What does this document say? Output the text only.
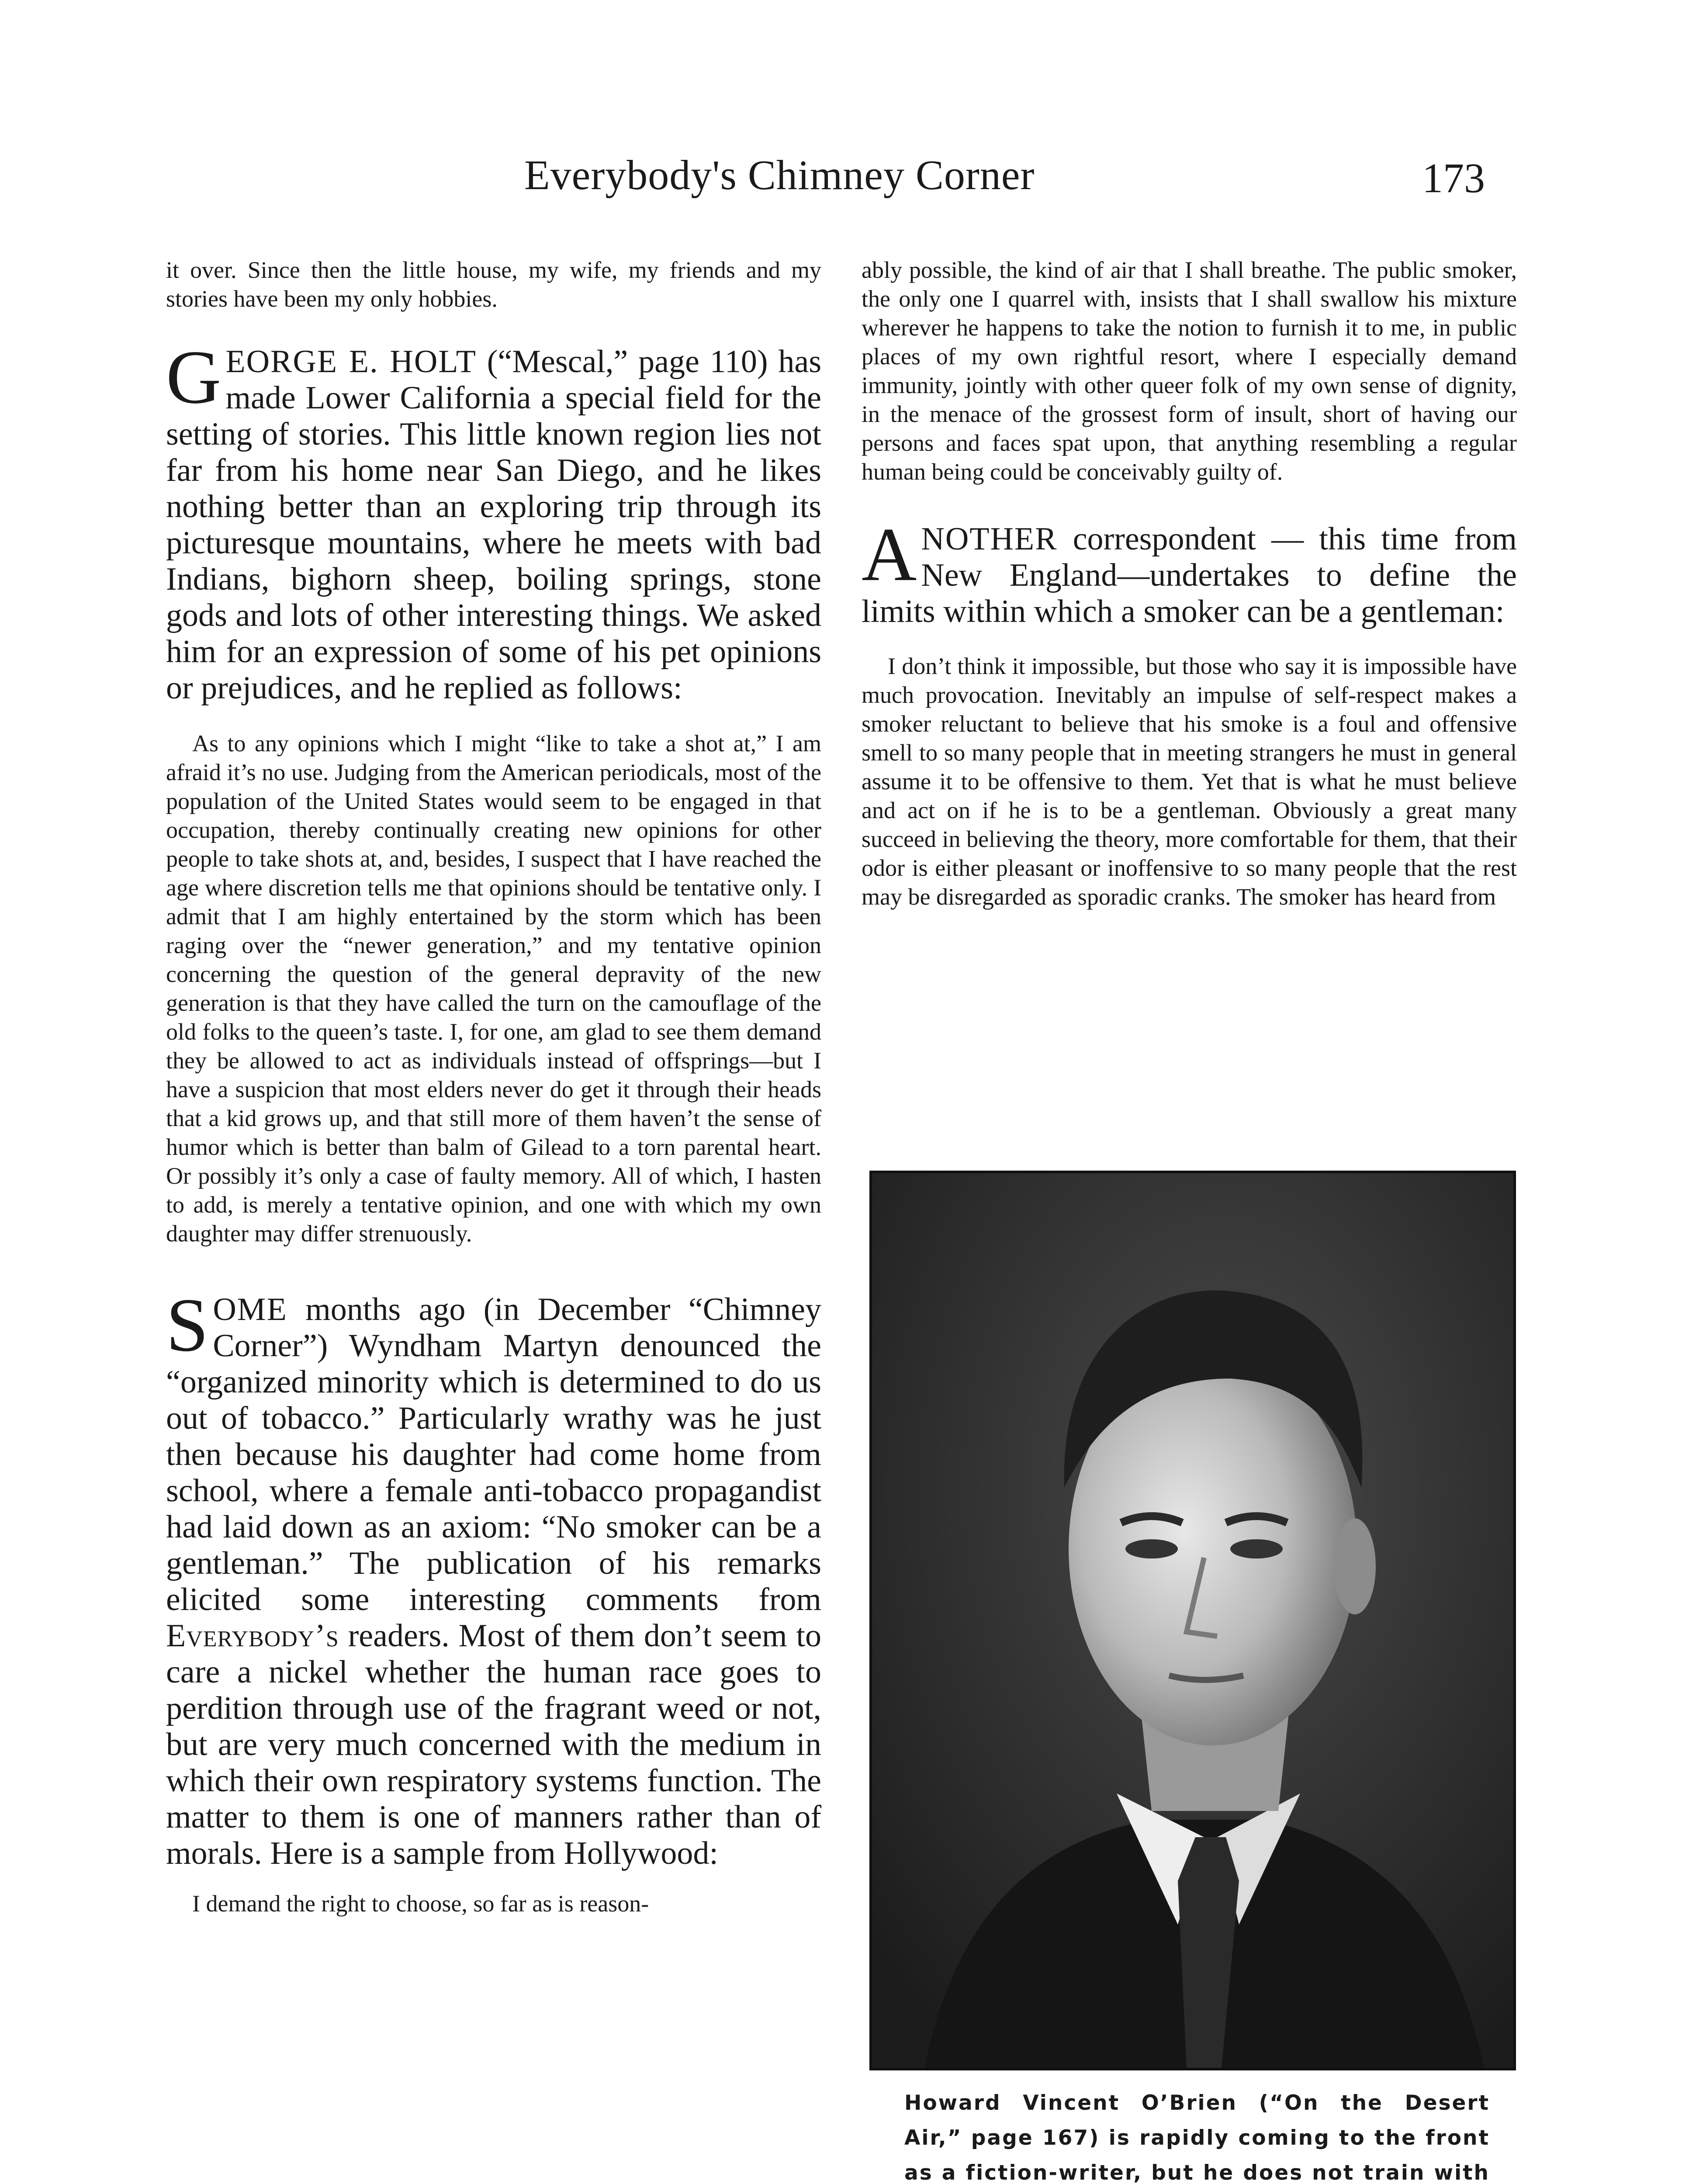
Everybody's Chimney Corner	173

it over. Since then the little house, my wife, my friends and my stories have been my only hobbies.

GEORGE E. HOLT (“Mescal,” page 110) has made Lower California a special field for the setting of stories. This little known region lies not far from his home near San Diego, and he likes nothing better than an exploring trip through its picturesque mountains, where he meets with bad Indians, bighorn sheep, boiling springs, stone gods and lots of other interesting things. We asked him for an expression of some of his pet opinions or prejudices, and he replied as follows:

As to any opinions which I might “like to take a shot at,” I am afraid it’s no use. Judging from the American periodicals, most of the population of the United States would seem to be engaged in that occupation, thereby continually creating new opinions for other people to take shots at, and, besides, I suspect that I have reached the age where discretion tells me that opinions should be tentative only. I admit that I am highly entertained by the storm which has been raging over the “newer generation,” and my tentative opinion concerning the question of the general depravity of the new generation is that they have called the turn on the camouflage of the old folks to the queen’s taste. I, for one, am glad to see them demand they be allowed to act as individuals instead of offsprings—but I have a suspicion that most elders never do get it through their heads that a kid grows up, and that still more of them haven’t the sense of humor which is better than balm of Gilead to a torn parental heart. Or possibly it’s only a case of faulty memory. All of which, I hasten to add, is merely a tentative opinion, and one with which my own daughter may differ strenuously.

SOME months ago (in December “Chimney Corner”) Wyndham Martyn denounced the “organized minority which is determined to do us out of tobacco.” Particularly wrathy was he just then because his daughter had come home from school, where a female anti-tobacco propagandist had laid down as an axiom: “No smoker can be a gentleman.” The publication of his remarks elicited some interesting comments from Everybody’s readers. Most of them don’t seem to care a nickel whether the human race goes to perdition through use of the fragrant weed or not, but are very much concerned with the medium in which their own respiratory systems function. The matter to them is one of manners rather than of morals. Here is a sample from Hollywood:

I demand the right to choose, so far as is reason-

ably possible, the kind of air that I shall breathe. The public smoker, the only one I quarrel with, insists that I shall swallow his mixture wherever he happens to take the notion to furnish it to me, in public places of my own rightful resort, where I especially demand immunity, jointly with other queer folk of my own sense of dignity, in the menace of the grossest form of insult, short of having our persons and faces spat upon, that anything resembling a regular human being could be conceivably guilty of.

ANOTHER correspondent — this time from New England—undertakes to define the limits within which a smoker can be a gentleman:

I don’t think it impossible, but those who say it is impossible have much provocation. Inevitably an impulse of self-respect makes a smoker reluctant to believe that his smoke is a foul and offensive smell to so many people that in meeting strangers he must in general assume it to be offensive to them. Yet that is what he must believe and act on if he is to be a gentleman. Obviously a great many succeed in believing the theory, more comfortable for them, that their odor is either pleasant or inoffensive to so many people that the rest may be disregarded as sporadic cranks. The smoker has heard from

Howard Vincent O’Brien (“On the Desert Air,” page 167) is rapidly coming to the front as a fiction-writer, but he does not train with
